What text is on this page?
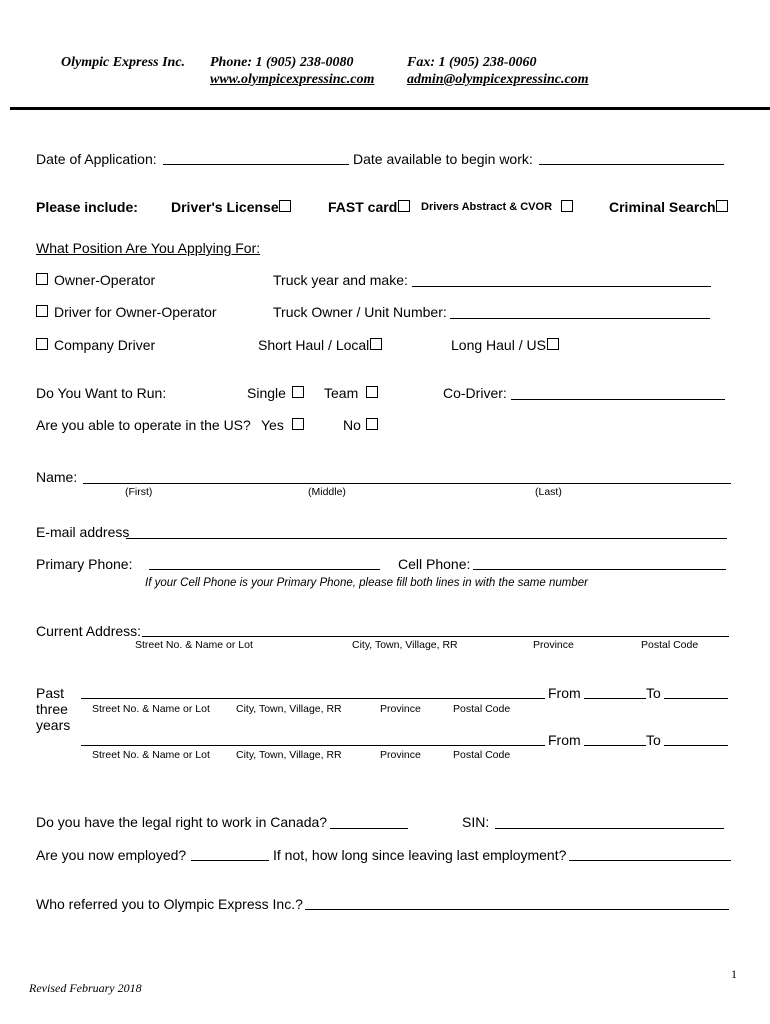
Olympic Express Inc. Phone: 1 (905) 238-0080
www.olympicexpressinc.com
Fax: 1 (905) 238-0060
admin@olympicexpressinc.com
Date of Application:	Date available to begin work:
Please include: Driver's License	FAST card Drivers Abstract & CVOR	Criminal Search
What Position Are You Applying For:
Owner-Operator	Truck year and make:
Driver for Owner-Operator	Truck Owner / Unit Number:
Company Driver	Short Haul / Local	Long Haul / US
Do You Want to Run:	Single	Team	Co-Driver:
Are you able to operate in the US? Yes	No
Name:
(First)	(Middle)	(Last)
E-mail address
Primary Phone:	Cell Phone:
If your Cell Phone is your Primary Phone, please fill both lines in with the same number
Current Address:
Street No. & Name or Lot	City, Town, Village, RR	Province	Postal Code
Past
three
years
From	To
Street No. & Name or Lot City, Town, Village, RR	Province	Postal Code
From	To
Street No. & Name or Lot City, Town, Village, RR	Province	Postal Code
Do you have the legal right to work in Canada?	SIN:
Are you now employed?	If not, how long since leaving last employment?
Who referred you to Olympic Express Inc.?
1
Revised February 2018
